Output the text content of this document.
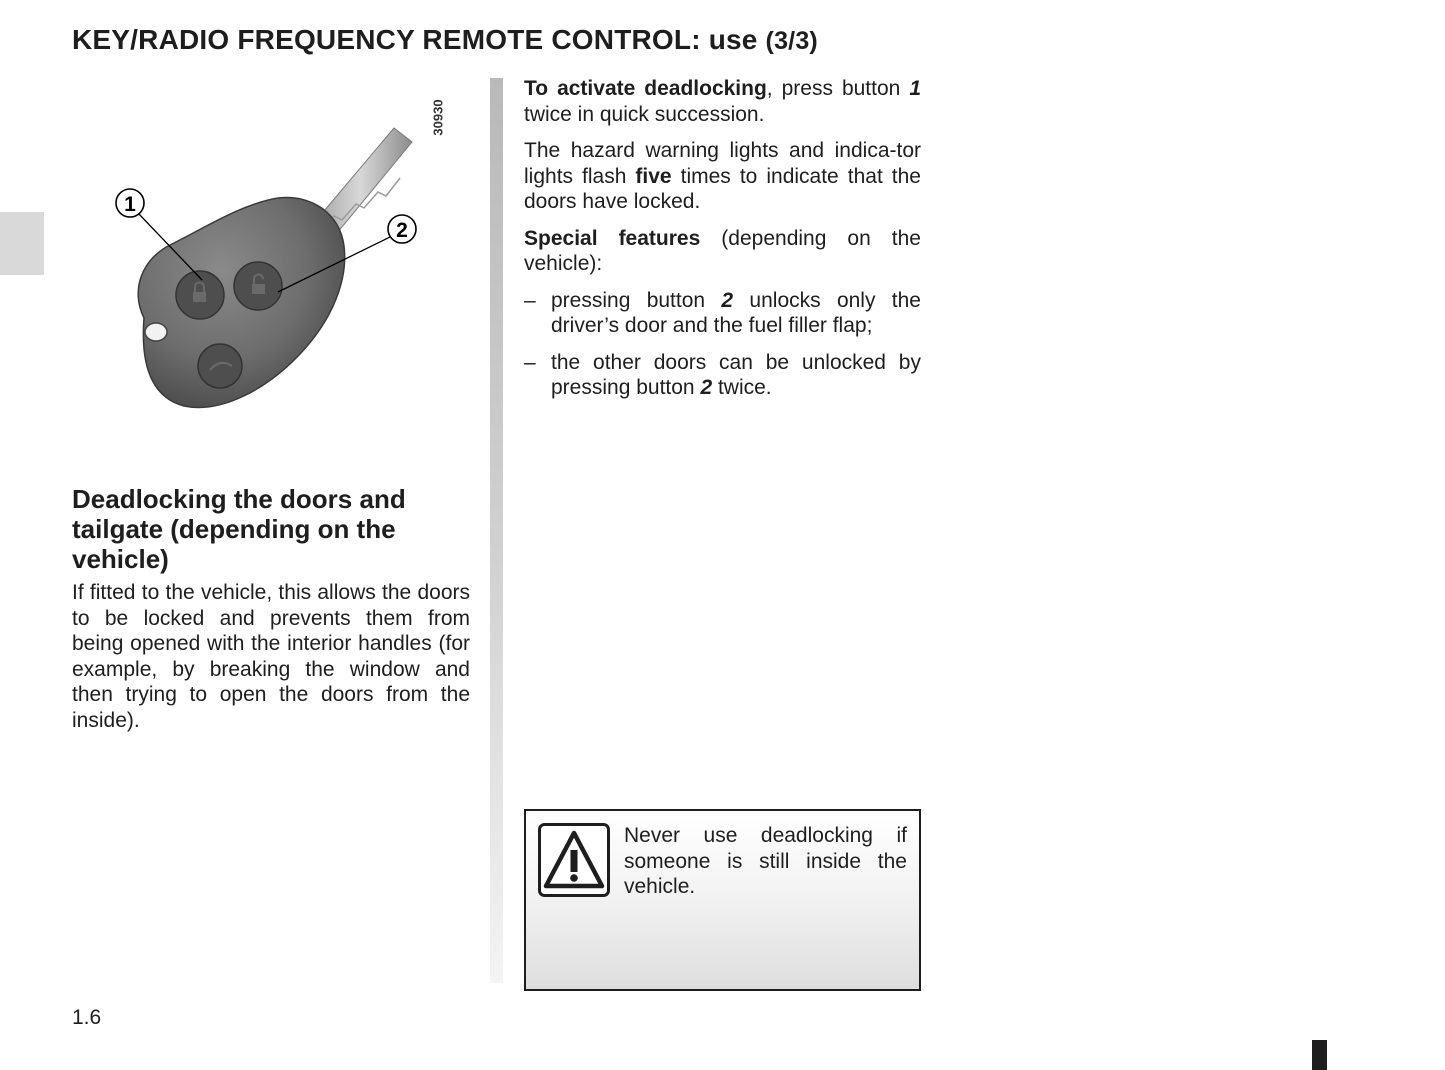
KEY/RADIO FREQUENCY REMOTE CONTROL: use (3/3)
1
2
30930
Deadlocking the doors and tailgate (depending on the vehicle)

If fitted to the vehicle, this allows the doors to be locked and prevents them from being opened with the interior handles (for example, by breaking the window and then trying to open the doors from the inside).

To activate deadlocking, press button 1 twice in quick succession.

The hazard warning lights and indica-tor lights flash five times to indicate that the doors have locked.

Special features (depending on the vehicle):

– pressing button 2 unlocks only the driver’s door and the fuel filler flap;
– the other doors can be unlocked by pressing button 2 twice.
Never use deadlocking if someone is still inside the vehicle.
1.6
